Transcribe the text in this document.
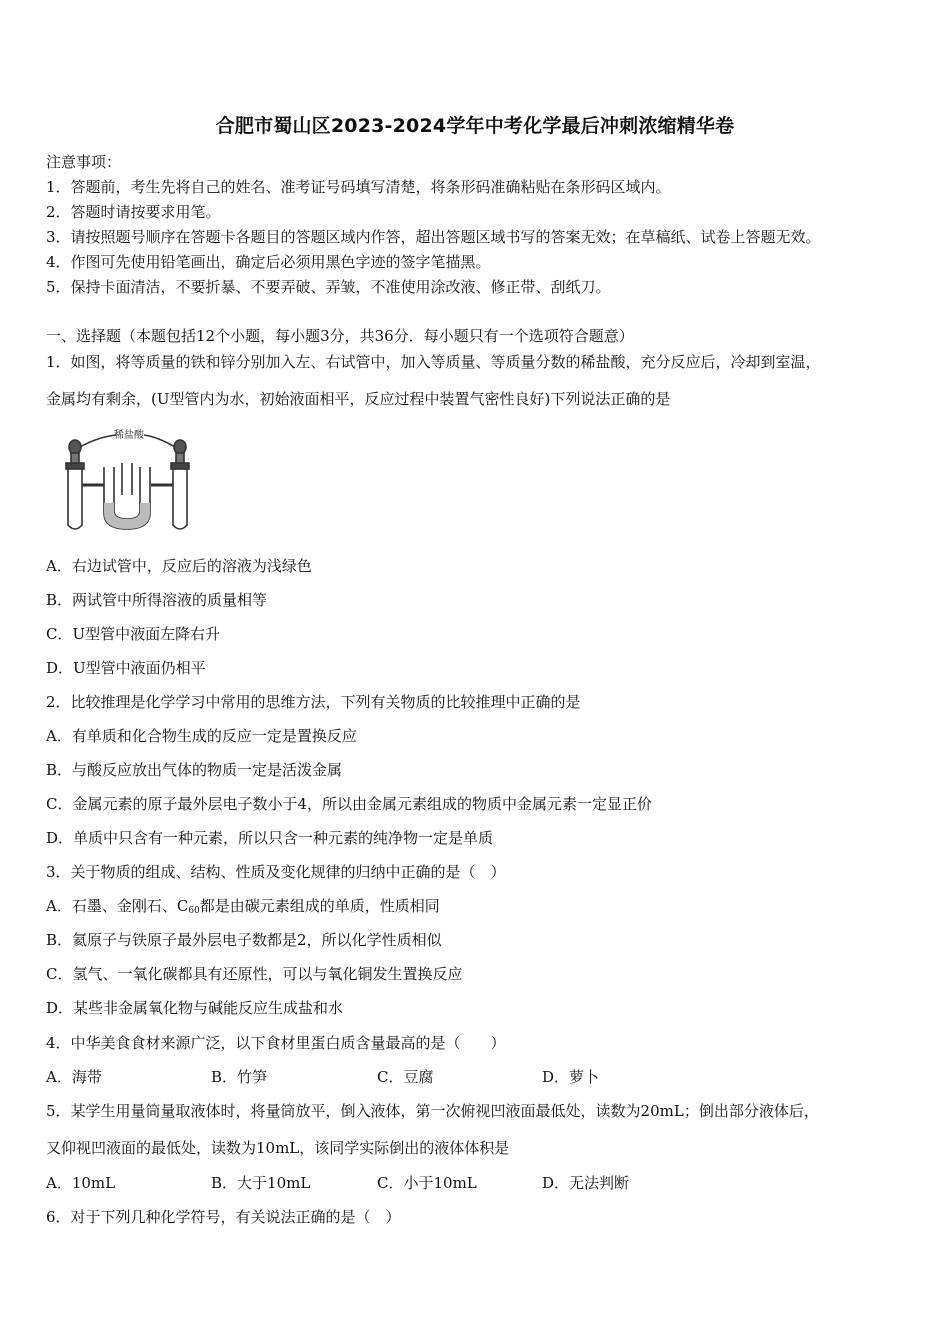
合肥市蜀山区2023-2024学年中考化学最后冲刺浓缩精华卷
注意事项：
1．答题前，考生先将自己的姓名、准考证号码填写清楚，将条形码准确粘贴在条形码区域内。
2．答题时请按要求用笔。
3．请按照题号顺序在答题卡各题目的答题区域内作答，超出答题区域书写的答案无效；在草稿纸、试卷上答题无效。
4．作图可先使用铅笔画出，确定后必须用黑色字迹的签字笔描黑。
5．保持卡面清洁，不要折暴、不要弄破、弄皱，不准使用涂改液、修正带、刮纸刀。
一、选择题（本题包括12个小题，每小题3分，共36分．每小题只有一个选项符合题意）
1．如图，将等质量的铁和锌分别加入左、右试管中，加入等质量、等质量分数的稀盐酸，充分反应后，冷却到室温，
金属均有剩余，(U型管内为水，初始液面相平，反应过程中装置气密性良好)下列说法正确的是
稀盐酸
A．右边试管中，反应后的溶液为浅绿色
B．两试管中所得溶液的质量相等
C．U型管中液面左降右升
D．U型管中液面仍相平
2．比较推理是化学学习中常用的思维方法，下列有关物质的比较推理中正确的是
A．有单质和化合物生成的反应一定是置换反应
B．与酸反应放出气体的物质一定是活泼金属
C．金属元素的原子最外层电子数小于4，所以由金属元素组成的物质中金属元素一定显正价
D．单质中只含有一种元素，所以只含一种元素的纯净物一定是单质
3．关于物质的组成、结构、性质及变化规律的归纳中正确的是（　）
A．石墨、金刚石、$C_{60}$都是由碳元素组成的单质，性质相同
B．氦原子与铁原子最外层电子数都是2，所以化学性质相似
C．氢气、一氧化碳都具有还原性，可以与氧化铜发生置换反应
D．某些非金属氧化物与碱能反应生成盐和水
4．中华美食食材来源广泛，以下食材里蛋白质含量最高的是（　　）
A．海带	B．竹笋	C．豆腐	D．萝卜
5．某学生用量筒量取液体时，将量筒放平，倒入液体，第一次俯视凹液面最低处，读数为20mL；倒出部分液体后，
又仰视凹液面的最低处，读数为10mL，该同学实际倒出的液体体积是
A．10mL	B．大于10mL	C．小于10mL	D．无法判断
6．对于下列几种化学符号，有关说法正确的是（　）
